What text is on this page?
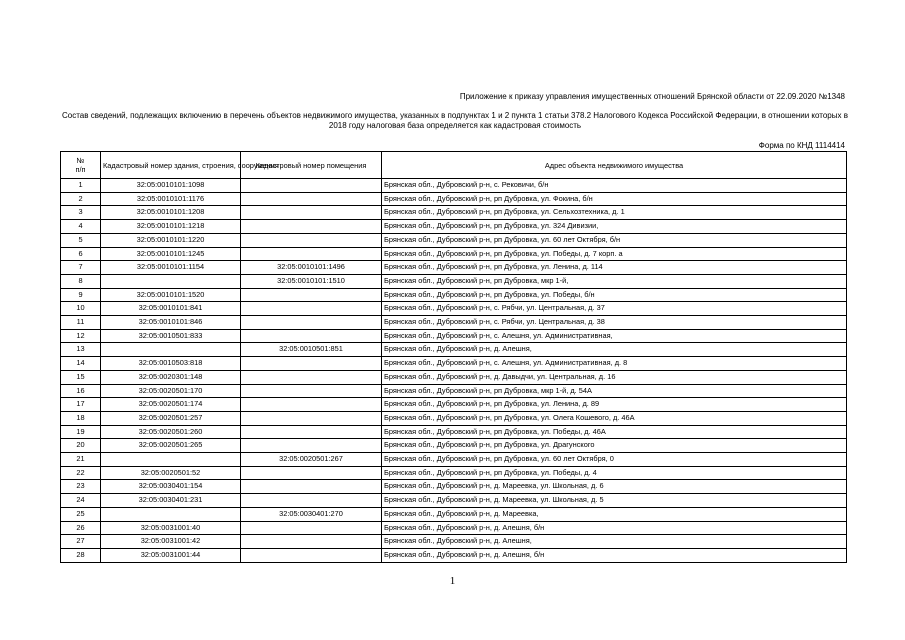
Приложение к приказу управления имущественных отношений Брянской области от 22.09.2020 №1348
Состав сведений, подлежащих включению в перечень объектов недвижимого имущества, указанных в подпунктах 1 и 2 пункта 1 статьи 378.2 Налогового Кодекса Российской Федерации, в отношении которых в 2018 году налоговая база определяется как кадастровая стоимость
Форма по КНД 1114414
№
п/п	Кадастровый номер здания, строения, сооружения	Кадастровый номер помещения	Адрес объекта недвижимого имущества
1	32:05:0010101:1098		Брянская обл., Дубровский р-н, с. Рековичи, б/н
2	32:05:0010101:1176		Брянская обл., Дубровский р-н, рп Дубровка, ул. Фокина, б/н
3	32:05:0010101:1208		Брянская обл., Дубровский р-н, рп Дубровка, ул. Сельхозтехника, д. 1
4	32:05:0010101:1218		Брянская обл., Дубровский р-н, рп Дубровка, ул. 324 Дивизии,
5	32:05:0010101:1220		Брянская обл., Дубровский р-н, рп Дубровка, ул. 60 лет Октября, б/н
6	32:05:0010101:1245		Брянская обл., Дубровский р-н, рп Дубровка, ул. Победы, д. 7 корп. а
7	32:05:0010101:1154	32:05:0010101:1496	Брянская обл., Дубровский р-н, рп Дубровка, ул. Ленина, д. 114
8		32:05:0010101:1510	Брянская обл., Дубровский р-н, рп Дубровка, мкр 1-й,
9	32:05:0010101:1520		Брянская обл., Дубровский р-н, рп Дубровка, ул. Победы, б/н
10	32:05:0010101:841		Брянская обл., Дубровский р-н, с. Рябчи, ул. Центральная, д. 37
11	32:05:0010101:846		Брянская обл., Дубровский р-н, с. Рябчи, ул. Центральная, д. 38
12	32:05:0010501:833		Брянская обл., Дубровский р-н, с. Алешня, ул. Административная,
13		32:05:0010501:851	Брянская обл., Дубровский р-н, д. Алешня,
14	32:05:0010503:818		Брянская обл., Дубровский р-н, с. Алешня, ул. Административная, д. 8
15	32:05:0020301:148		Брянская обл., Дубровский р-н, д. Давыдчи, ул. Центральная, д. 16
16	32:05:0020501:170		Брянская обл., Дубровский р-н, рп Дубровка, мкр 1-й, д. 54А
17	32:05:0020501:174		Брянская обл., Дубровский р-н, рп Дубровка, ул. Ленина, д. 89
18	32:05:0020501:257		Брянская обл., Дубровский р-н, рп Дубровка, ул. Олега Кошевого, д. 46А
19	32:05:0020501:260		Брянская обл., Дубровский р-н, рп Дубровка, ул. Победы, д. 46А
20	32:05:0020501:265		Брянская обл., Дубровский р-н, рп Дубровка, ул. Драгунского
21		32:05:0020501:267	Брянская обл., Дубровский р-н, рп Дубровка, ул. 60 лет Октября, 0
22	32:05:0020501:52		Брянская обл., Дубровский р-н, рп Дубровка, ул. Победы, д. 4
23	32:05:0030401:154		Брянская обл., Дубровский р-н, д. Мареевка, ул. Школьная, д. 6
24	32:05:0030401:231		Брянская обл., Дубровский р-н, д. Мареевка, ул. Школьная, д. 5
25		32:05:0030401:270	Брянская обл., Дубровский р-н, д. Мареевка,
26	32:05:0031001:40		Брянская обл., Дубровский р-н, д. Алешня, б/н
27	32:05:0031001:42		Брянская обл., Дубровский р-н, д. Алешня,
28	32:05:0031001:44		Брянская обл., Дубровский р-н, д. Алешня, б/н
1
